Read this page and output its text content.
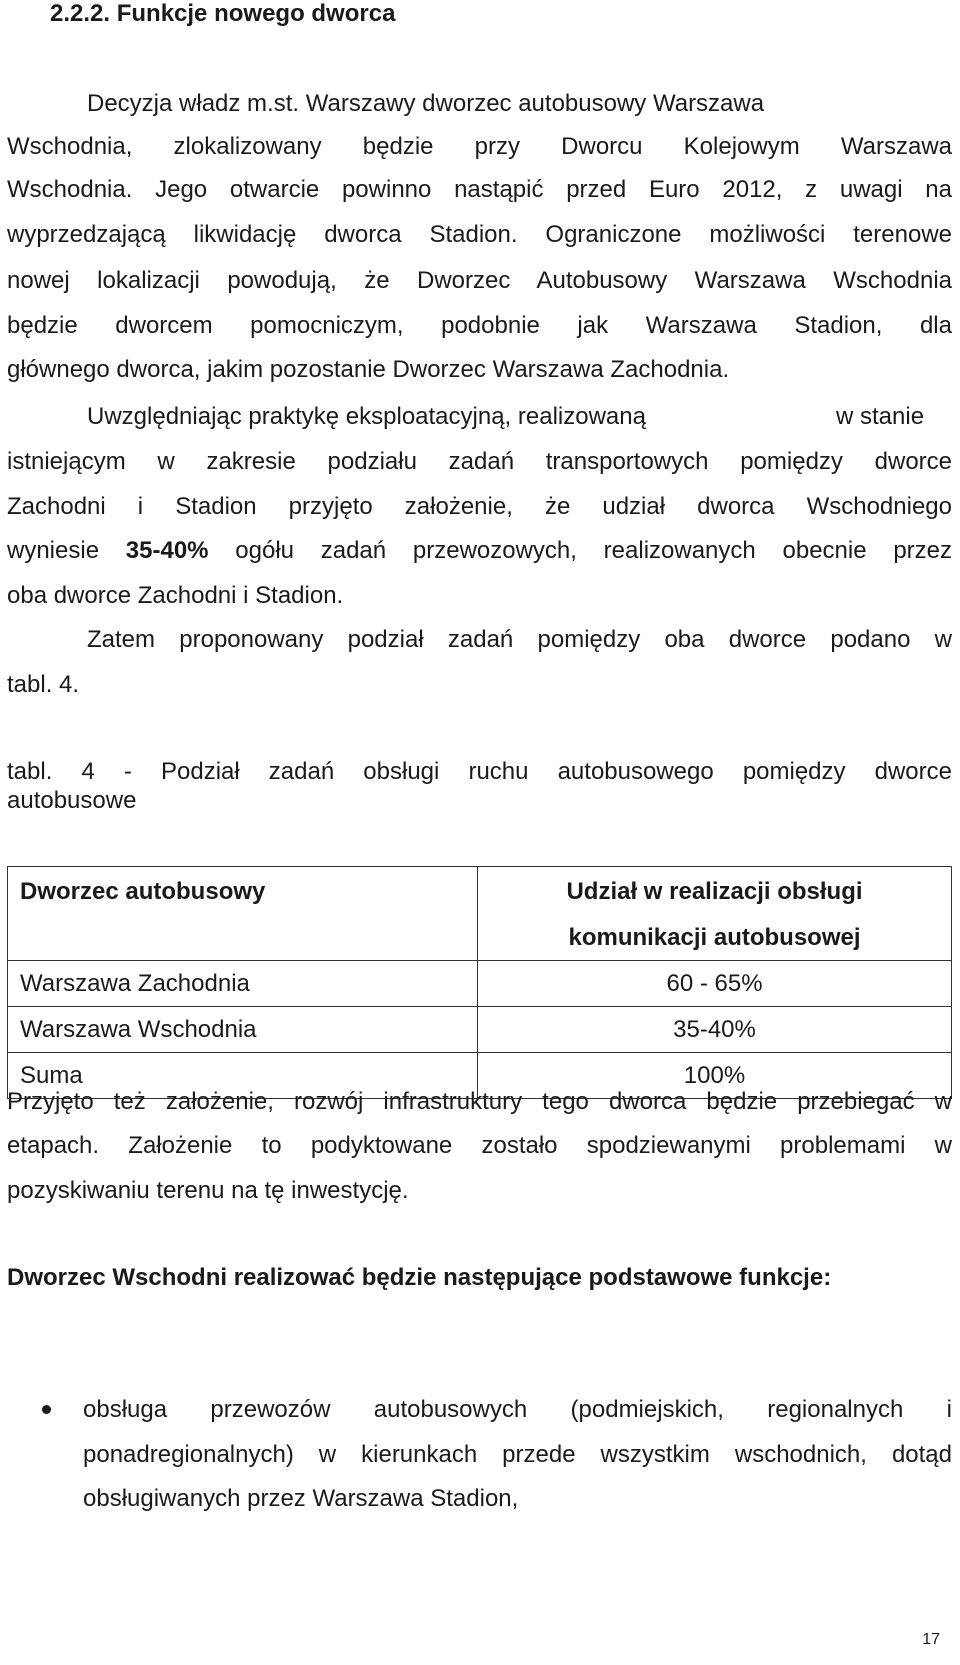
2.2.2. Funkcje nowego dworca
Decyzja władz m.st. Warszawy dworzec autobusowy Warszawa
Wschodnia, zlokalizowany będzie przy Dworcu Kolejowym Warszawa
Wschodnia. Jego otwarcie powinno nastąpić przed Euro 2012, z uwagi na
wyprzedzającą likwidację dworca Stadion. Ograniczone możliwości terenowe
nowej lokalizacji powodują, że Dworzec Autobusowy Warszawa Wschodnia
będzie dworcem pomocniczym, podobnie jak Warszawa Stadion, dla
głównego dworca, jakim pozostanie Dworzec Warszawa Zachodnia.
Uwzględniając praktykę eksploatacyjną, realizowaną	w stanie
istniejącym w zakresie podziału zadań transportowych pomiędzy dworce
Zachodni i Stadion przyjęto założenie, że udział dworca Wschodniego
wyniesie 35-40% ogółu zadań przewozowych, realizowanych obecnie przez
oba dworce Zachodni i Stadion.
Zatem proponowany podział zadań pomiędzy oba dworce podano w
tabl. 4.
tabl. 4 - Podział zadań obsługi ruchu autobusowego pomiędzy dworce
autobusowe
Dworzec autobusowy	Udział w realizacji obsługi
komunikacji autobusowej

Warszawa Zachodnia	60 - 65%
Warszawa Wschodnia	35-40%
Suma	100%
Przyjęto też założenie, rozwój infrastruktury tego dworca będzie przebiegać w
etapach. Założenie to podyktowane zostało spodziewanymi problemami w
pozyskiwaniu terenu na tę inwestycję.
Dworzec Wschodni realizować będzie następujące podstawowe funkcje:
obsługa przewozów autobusowych (podmiejskich, regionalnych i
ponadregionalnych) w kierunkach przede wszystkim wschodnich, dotąd
obsługiwanych przez Warszawa Stadion,
17
